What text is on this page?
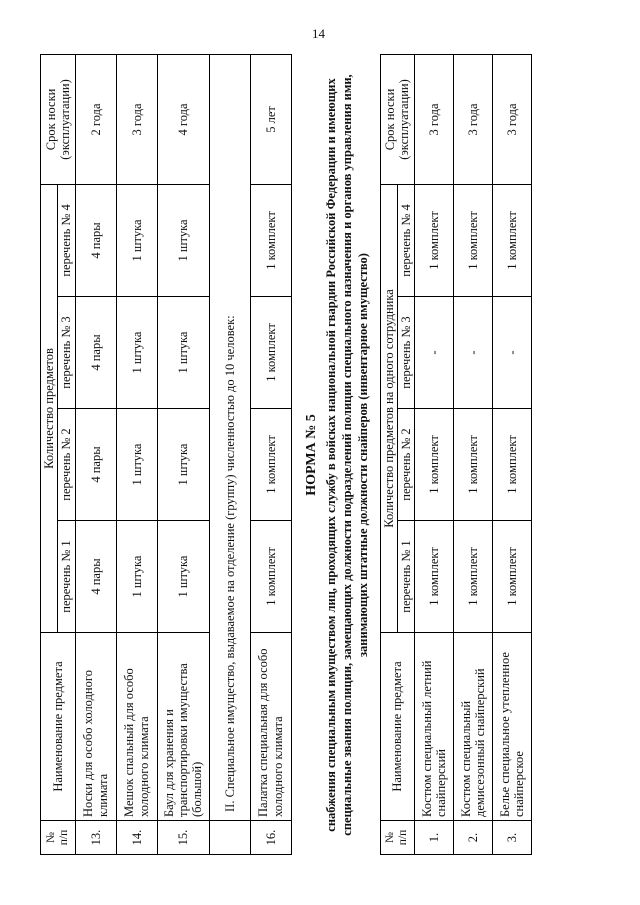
14
№
п/п	Наименование предмета	Количество предметов				Срок носки
(эксплуатации)
		перечень № 1	перечень № 2	перечень № 3	перечень № 4	
13.	Носки для особо холодного климата	4 пары	4 пары	4 пары	4 пары	2 года
14.	Мешок спальный для особо холодного климата	1 штука	1 штука	1 штука	1 штука	3 года
15.	Баул для хранения и транспортировки имущества (большой)	1 штука	1 штука	1 штука	1 штука	4 года
	II. Специальное имущество, выдаваемое на отделение (группу) численностью до 10 человек:					
16.	Палатка специальная для особо холодного климата	1 комплект	1 комплект	1 комплект	1 комплект	5 лет
НОРМА № 5 снабжения специальным имуществом лиц, проходящих службу в войсках национальной гвардии Российской Федерации и имеющих специальные звания полиции, замещающих должности подразделений полиции специального назначения и органов управления ими, занимающих штатные должности снайперов (инвентарное имущество)
№
п/п	Наименование предмета	Количество предметов на одного сотрудника				Срок носки
(эксплуатации)
		перечень № 1	перечень № 2	перечень № 3	перечень № 4	
1.	Костюм специальный летний снайперский	1 комплект	1 комплект	-	1 комплект	3 года
2.	Костюм специальный демисезонный снайперский	1 комплект	1 комплект	-	1 комплект	3 года
3.	Белье специальное утепленное снайперское	1 комплект	1 комплект	-	1 комплект	3 года
